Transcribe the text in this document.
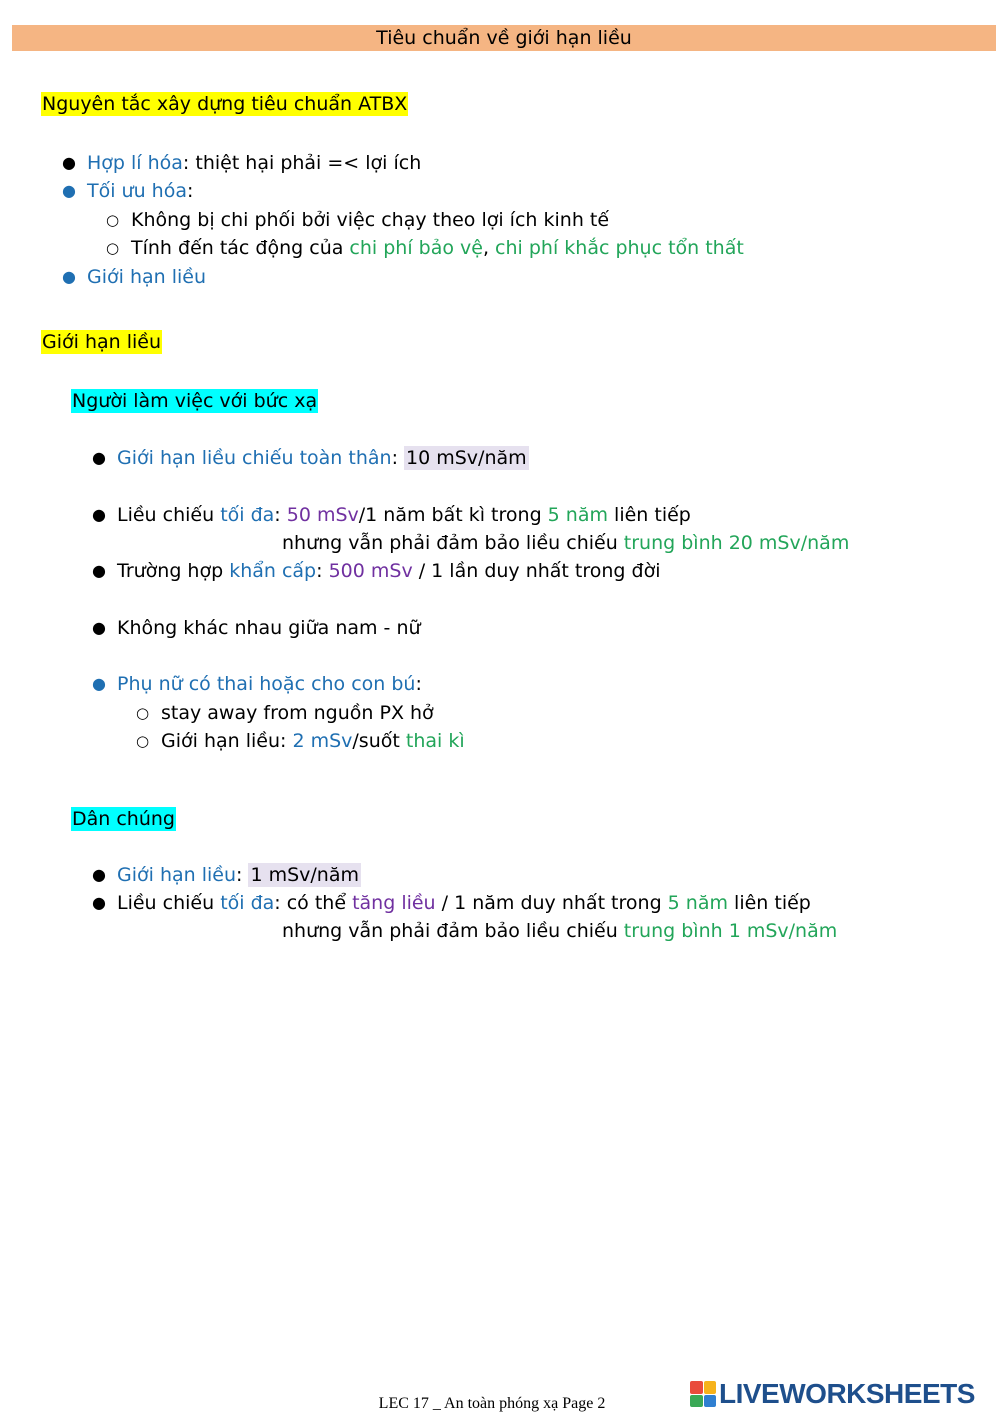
Tiêu chuẩn về giới hạn liều
Nguyên tắc xây dựng tiêu chuẩn ATBX
● Hợp lí hóa: thiệt hại phải =< lợi ích
● Tối ưu hóa:
○ Không bị chi phối bởi việc chạy theo lợi ích kinh tế
○ Tính đến tác động của chi phí bảo vệ, chi phí khắc phục tổn thất
● Giới hạn liều
Giới hạn liều
Người làm việc với bức xạ
● Giới hạn liều chiếu toàn thân: 10 mSv/năm
● Liều chiếu tối đa: 50 mSv/1 năm bất kì trong 5 năm liên tiếp
nhưng vẫn phải đảm bảo liều chiếu trung bình 20 mSv/năm
● Trường hợp khẩn cấp: 500 mSv / 1 lần duy nhất trong đời
● Không khác nhau giữa nam - nữ
● Phụ nữ có thai hoặc cho con bú:
○ stay away from nguồn PX hở
○ Giới hạn liều: 2 mSv/suốt thai kì
Dân chúng
● Giới hạn liều: 1 mSv/năm
● Liều chiếu tối đa: có thể tăng liều / 1 năm duy nhất trong 5 năm liên tiếp
nhưng vẫn phải đảm bảo liều chiếu trung bình 1 mSv/năm
LEC 17 _ An toàn phóng xạ Page 2	LIVEWORKSHEETS
